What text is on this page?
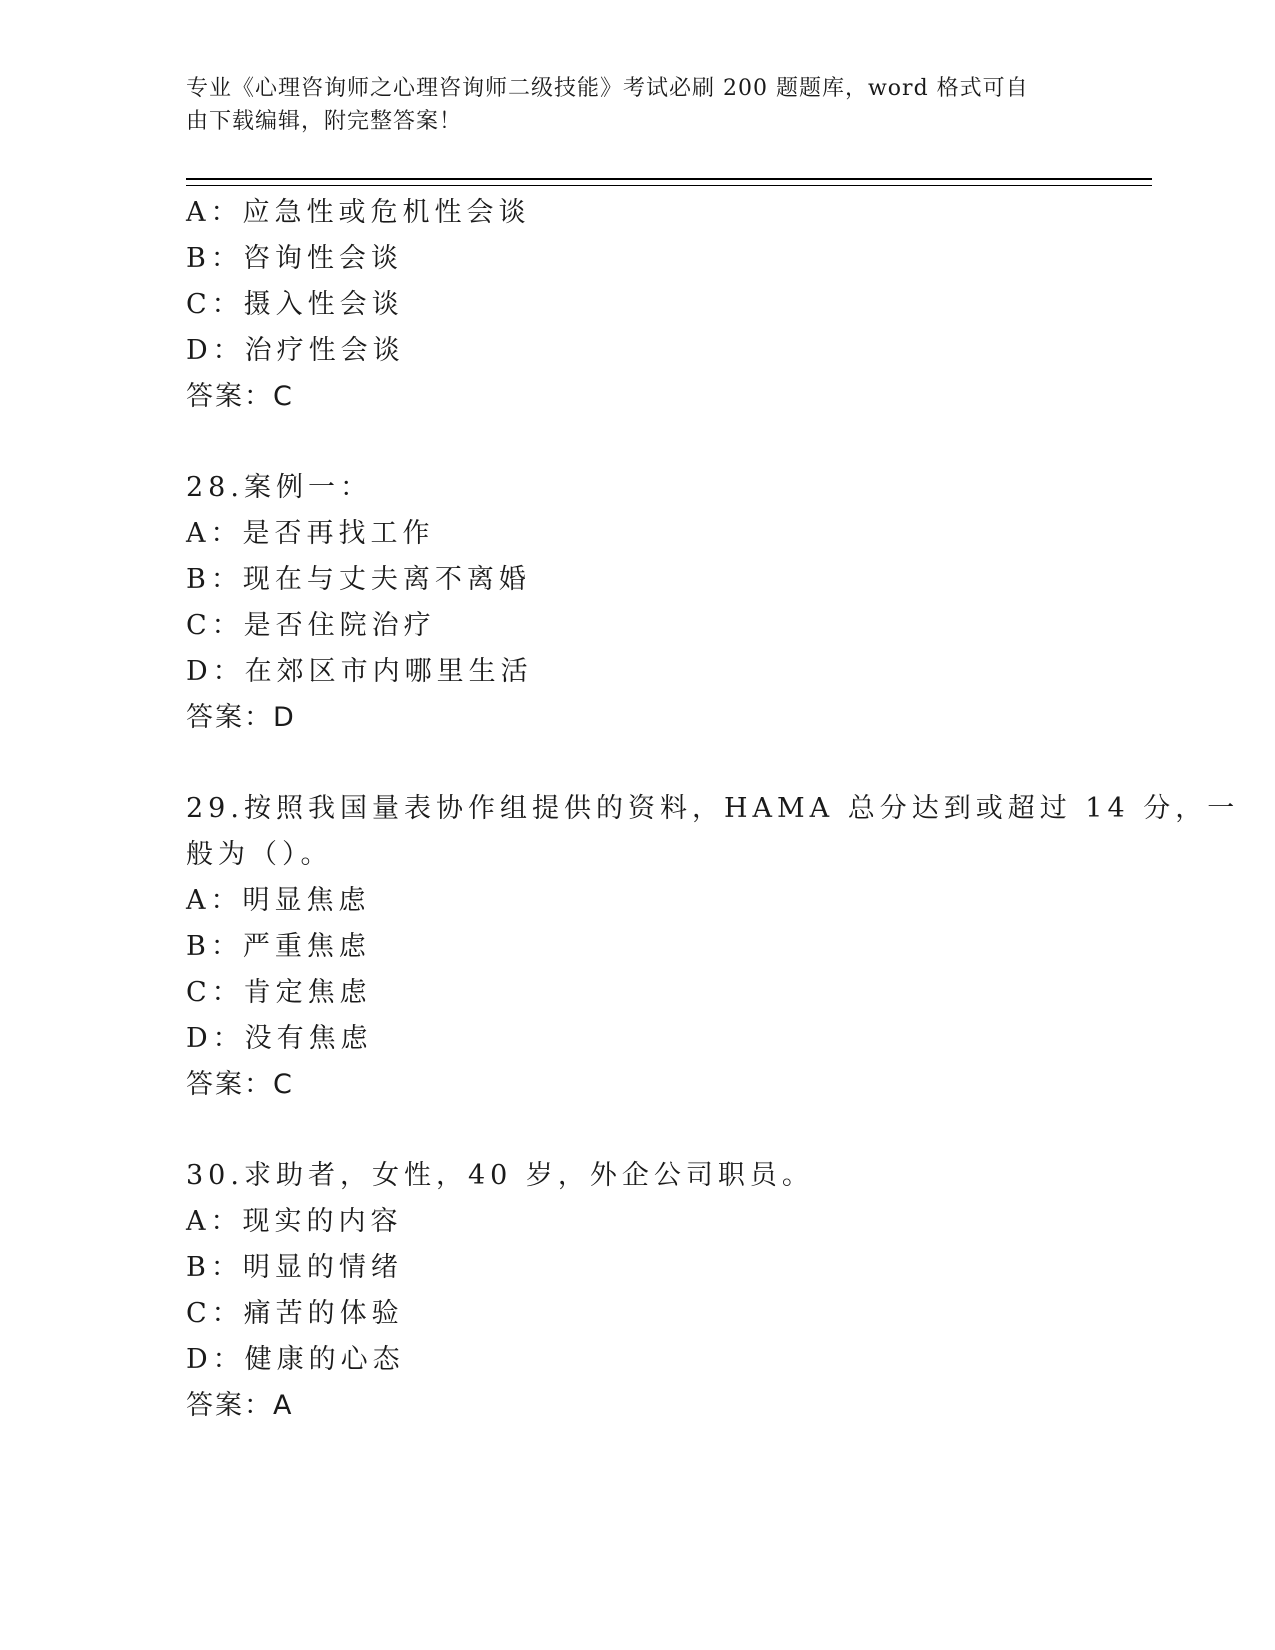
专业《心理咨询师之心理咨询师二级技能》考试必刷 200 题题库，word 格式可自
由下载编辑，附完整答案！
A：应急性或危机性会谈
B：咨询性会谈
C：摄入性会谈
D：治疗性会谈
答案：C
28.案例一：
A：是否再找工作
B：现在与丈夫离不离婚
C：是否住院治疗
D：在郊区市内哪里生活
答案：D
29.按照我国量表协作组提供的资料，HAMA 总分达到或超过 14 分，一
般为（）。
A：明显焦虑
B：严重焦虑
C：肯定焦虑
D：没有焦虑
答案：C
30.求助者，女性，40 岁，外企公司职员。
A：现实的内容
B：明显的情绪
C：痛苦的体验
D：健康的心态
答案：A
